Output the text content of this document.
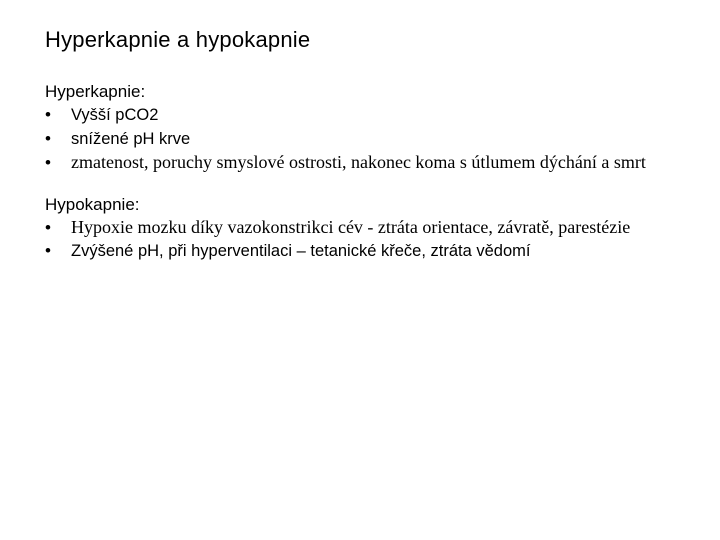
Hyperkapnie a hypokapnie
Hyperkapnie:
• Vyšší pCO2
• snížené pH krve
• zmatenost, poruchy smyslové ostrosti, nakonec koma s útlumem dýchání a smrt
Hypokapnie:
• Hypoxie mozku díky vazokonstrikci cév - ztráta orientace, závratě, parestézie
• Zvýšené pH, při hyperventilaci – tetanické křeče, ztráta vědomí
